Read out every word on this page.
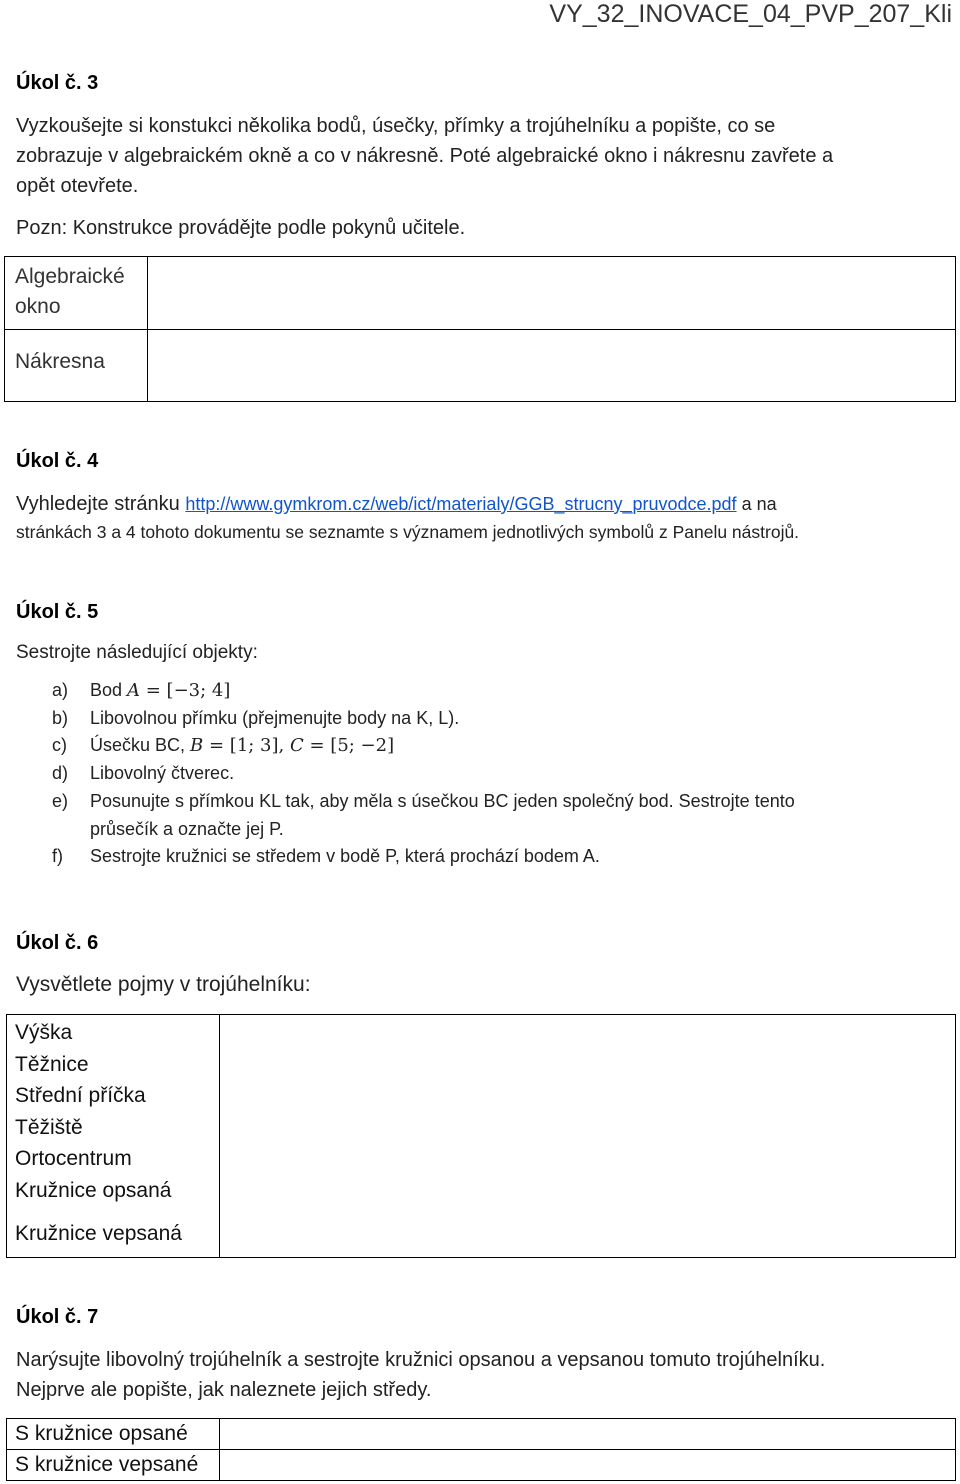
VY_32_INOVACE_04_PVP_207_Kli
Úkol č. 3
Vyzkoušejte si konstukci několika bodů, úsečky, přímky a trojúhelníku a popište, co se
zobrazuje v algebraickém okně a co v nákresně. Poté algebraické okno i nákresnu zavřete a
opět otevřete.
Pozn: Konstrukce provádějte podle pokynů učitele.
Algebraické
okno	

Nákresna	

Úkol č. 4
Vyhledejte stránku http://www.gymkrom.cz/web/ict/materialy/GGB_strucny_pruvodce.pdf a na
stránkách 3 a 4 tohoto dokumentu se seznamte s významem jednotlivých symbolů z Panelu nástrojů.
Úkol č. 5
Sestrojte následující objekty:
a)	Bod A = [−3; 4]
b)	Libovolnou přímku (přejmenujte body na K, L).
c)	Úsečku BC, B = [1; 3], C = [5; −2]
d)	Libovolný čtverec.
e)	Posunujte s přímkou KL tak, aby měla s úsečkou BC jeden společný bod. Sestrojte tento
průsečík a označte jej P.
f)	Sestrojte kružnici se středem v bodě P, která prochází bodem A.
Úkol č. 6
Vysvětlete pojmy v trojúhelníku:
Výška
Těžnice
Střední příčka
Těžiště
Ortocentrum
Kružnice opsaná
Kružnice vepsaná

Úkol č. 7
Narýsujte libovolný trojúhelník a sestrojte kružnici opsanou a vepsanou tomuto trojúhelníku.
Nejprve ale popište, jak naleznete jejich středy.
S kružnice opsané	

S kružnice vepsané	
